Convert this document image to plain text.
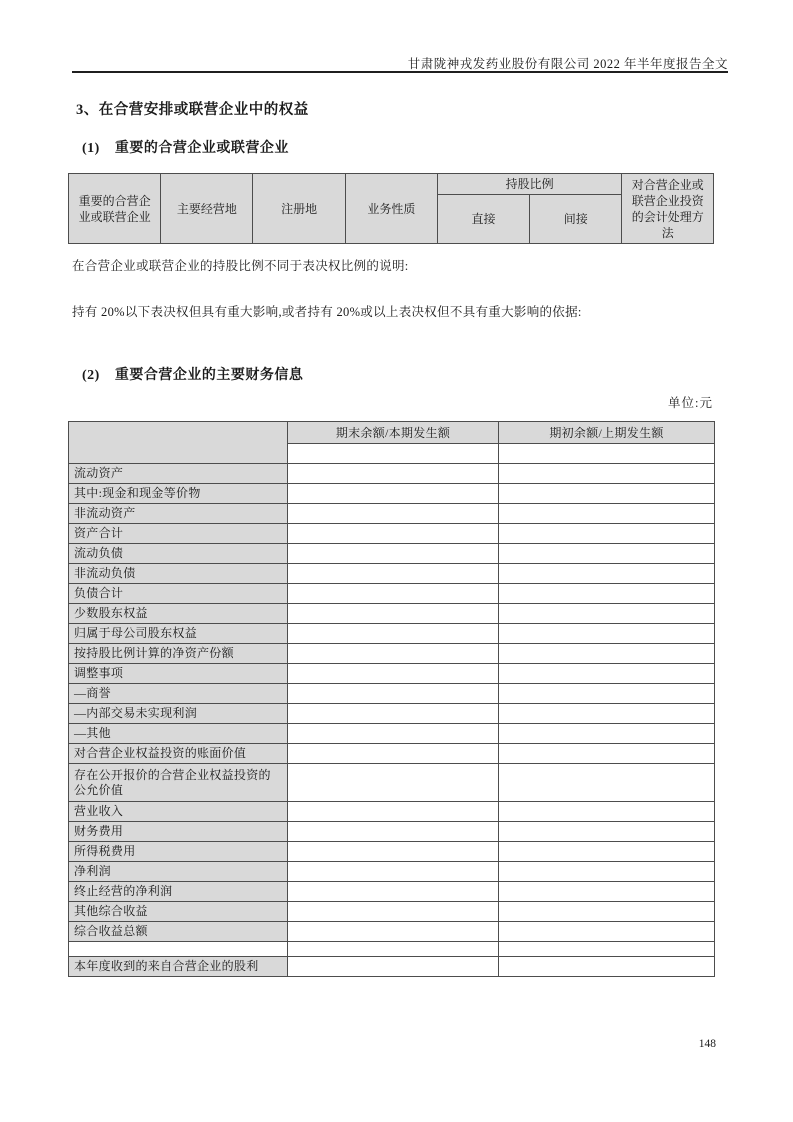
甘肃陇神戎发药业股份有限公司 2022 年半年度报告全文
3、在合营安排或联营企业中的权益
(1) 重要的合营企业或联营企业
重要的合营企业或联营企业	主要经营地	注册地	业务性质	持股比例		对合营企业或联营企业投资的会计处理方法
				直接	间接	
在合营企业或联营企业的持股比例不同于表决权比例的说明:
持有 20%以下表决权但具有重大影响,或者持有 20%或以上表决权但不具有重大影响的依据:
(2) 重要合营企业的主要财务信息
单位:元
	期末余额/本期发生额	期初余额/上期发生额

流动资产		
其中:现金和现金等价物		
非流动资产		
资产合计		
流动负债		
非流动负债		
负债合计		
少数股东权益		
归属于母公司股东权益		
按持股比例计算的净资产份额		
调整事项		
—商誉		
—内部交易未实现利润		
—其他		
对合营企业权益投资的账面价值		
存在公开报价的合营企业权益投资的公允价值		
营业收入		
财务费用		
所得税费用		
净利润		
终止经营的净利润		
其他综合收益		
综合收益总额		

本年度收到的来自合营企业的股利		
148
